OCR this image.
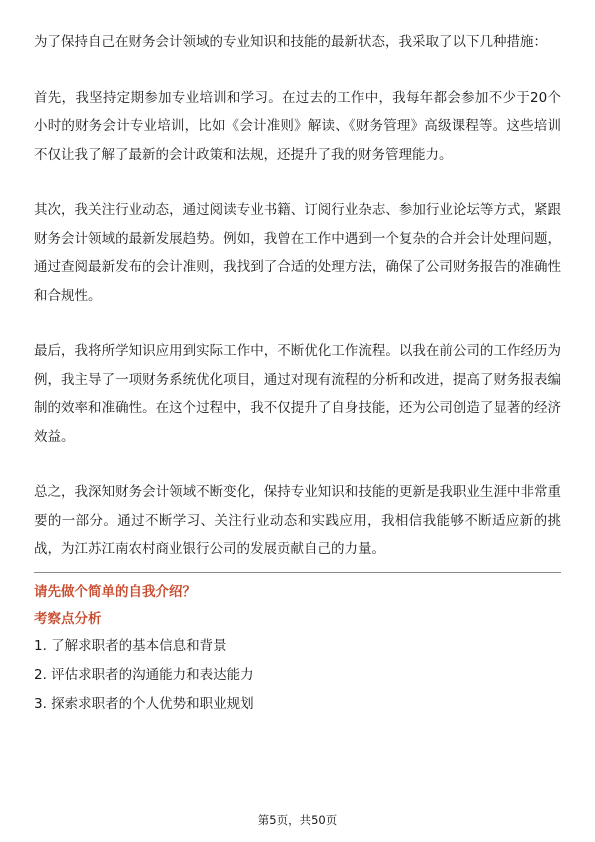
为了保持自己在财务会计领域的专业知识和技能的最新状态，我采取了以下几种措施：

首先，我坚持定期参加专业培训和学习。在过去的工作中，我每年都会参加不少于20个小时的财务会计专业培训，比如《会计准则》解读、《财务管理》高级课程等。这些培训不仅让我了解了最新的会计政策和法规，还提升了我的财务管理能力。

其次，我关注行业动态，通过阅读专业书籍、订阅行业杂志、参加行业论坛等方式，紧跟财务会计领域的最新发展趋势。例如，我曾在工作中遇到一个复杂的合并会计处理问题，通过查阅最新发布的会计准则，我找到了合适的处理方法，确保了公司财务报告的准确性和合规性。

最后，我将所学知识应用到实际工作中，不断优化工作流程。以我在前公司的工作经历为例，我主导了一项财务系统优化项目，通过对现有流程的分析和改进，提高了财务报表编制的效率和准确性。在这个过程中，我不仅提升了自身技能，还为公司创造了显著的经济效益。

总之，我深知财务会计领域不断变化，保持专业知识和技能的更新是我职业生涯中非常重要的一部分。通过不断学习、关注行业动态和实践应用，我相信我能够不断适应新的挑战，为江苏江南农村商业银行公司的发展贡献自己的力量。

请先做个简单的自我介绍？

考察点分析

1. 了解求职者的基本信息和背景

2. 评估求职者的沟通能力和表达能力

3. 探索求职者的个人优势和职业规划

第5页，共50页
